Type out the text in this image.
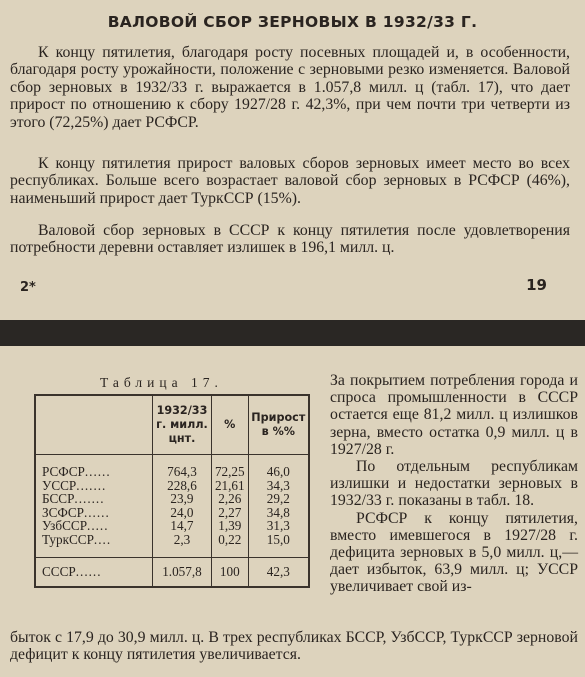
ВАЛОВОЙ СБОР ЗЕРНОВЫХ В 1932/33 Г.

К концу пятилетия, благодаря росту посевных площадей и, в особенности, благодаря росту урожайности, положение с зерновыми резко изменяется. Валовой сбор зерновых в 1932/33 г. выражается в 1.057,8 милл. ц (табл. 17), что дает прирост по отношению к сбору 1927/28 г. 42,3%, при чем почти три четверти из этого (72,25%) дает РСФСР.

К концу пятилетия прирост валовых сборов зерновых имеет место во всех республиках. Больше всего возрастает валовой сбор зерновых в РСФСР (46%), наименьший прирост дает ТуркССР (15%).

Валовой сбор зерновых в СССР к концу пятилетия после удовлетворения потребности деревни оставляет излишек в 196,1 милл. ц.

2*	19
Таблица 17.
	1932/33 г. милл. цнт.	%	Прирост в %%

РСФСР......	764,3	72,25	46,0
УССР.......	228,6	21,61	34,3
БССР.......	23,9	2,26	29,2
ЗСФСР......	24,0	2,27	34,8
УзбССР.....	14,7	1,39	31,3
ТуркССР....	2,3	0,22	15,0

СССР......	1.057,8	100	42,3

За покрытием потребления города и спроса промышленности в СССР остается еще 81,2 милл. ц излишков зерна, вместо остатка 0,9 милл. ц в 1927/28 г.

По отдельным республикам излишки и недостатки зерновых в 1932/33 г. показаны в табл. 18.

РСФСР к концу пятилетия, вместо имевшегося в 1927/28 г. дефицита зерновых в 5,0 милл. ц,—дает избыток, 63,9 милл. ц; УССР увеличивает свой из-

быток с 17,9 до 30,9 милл. ц. В трех республиках БССР, УзбССР, ТуркССР зерновой дефицит к концу пятилетия увеличивается.
